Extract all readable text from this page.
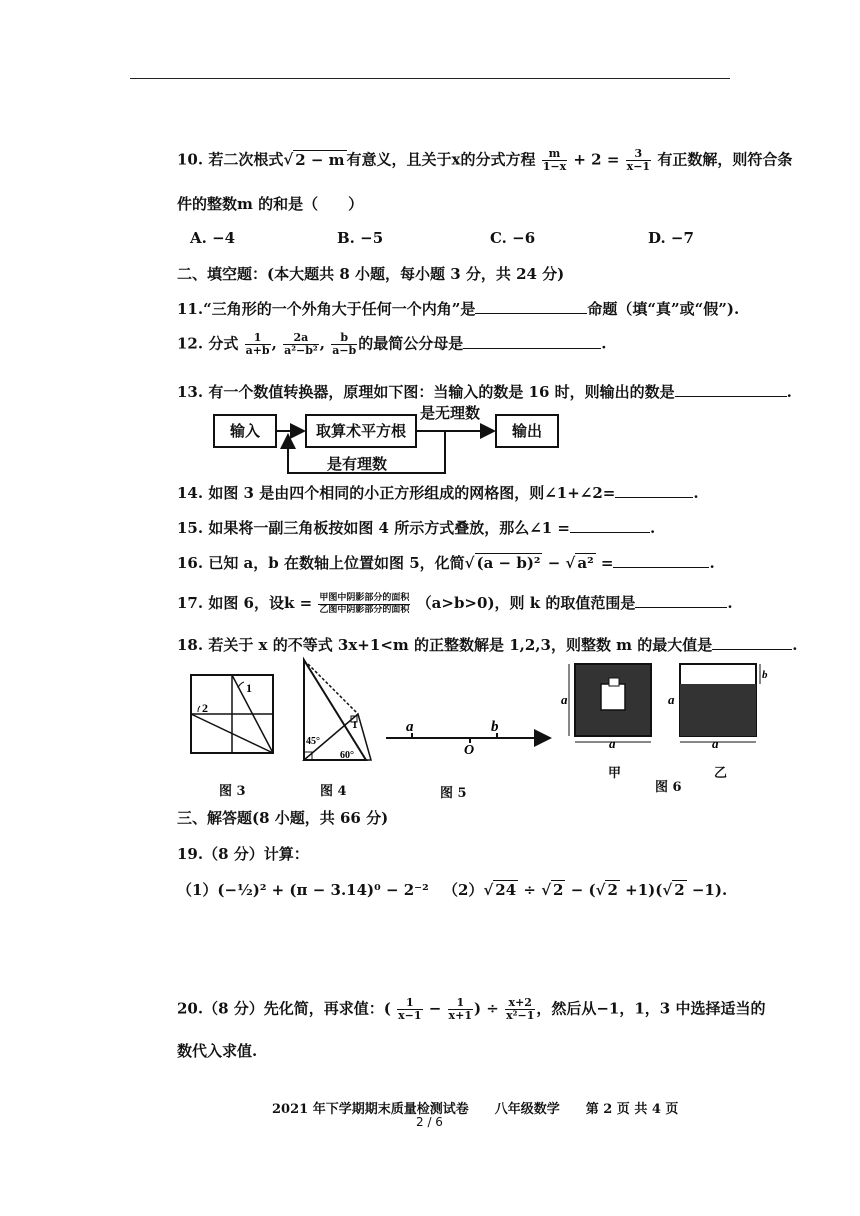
10. 若二次根式√ 2 − m 有意义，且关于x的分式方程 $\frac{m}{1-x} + 2 = \frac{3}{x-1}$ 有正数解，则符合条
件的整数m 的和是（　　）
A. −4	B. −5	C. −6	D. −7
二、填空题：(本大题共 8 小题，每小题 3 分，共 24 分)
11.“三角形的一个外角大于任何一个内角”是	命题（填“真”或“假”).
12. 分式 $\frac{1}{a+b}$ , $\frac{2a}{\text{a²−b²}}$ , $\frac{b}{a-b}$ 的最简公分母是	.
13. 有一个数值转换器，原理如下图：当输入的数是 16 时，则输出的数是	.
输入	取算术平方根	输出
是无理数
是有理数
14. 如图 3 是由四个相同的小正方形组成的网格图，则∠1+∠2=	.
15. 如果将一副三角板按如图 4 所示方式叠放，那么∠1 =	.
16. 已知 a，b 在数轴上位置如图 5，化简√ (a − b)² − √ a² =	.
17. 如图 6，设$k = \frac{\text{甲图中阴影部分的面积}}{\text{乙图中阴影部分的面积}} (a>b>0)$，则 k 的取值范围是	.
18. 若关于 x 的不等式 3x+1<m 的正整数解是 1,2,3，则整数 m 的最大值是	.
2
1
图 3
45°
60°
1
图 4
a	b
O
图 5
a
a
甲
a
b
a
乙
图 6
三、解答题(8 小题，共 66 分)
19.（8 分）计算：
（1）(−½)² + (π − 3.14)⁰ − 2⁻² （2）√ 24 ÷ √ 2 − (√ 2 +1)(√ 2 −1).
20.（8 分）先化简，再求值：( $\frac{1}{x-1} - \frac{1}{x+1}$ ) ÷ $\frac{x+2}{\text{x²−1}}$ ，然后从−1，1，3 中选择适当的
数代入求值.
2021 年下学期期末质量检测试卷　　八年级数学　　第 2 页 共 4 页
2 / 6
